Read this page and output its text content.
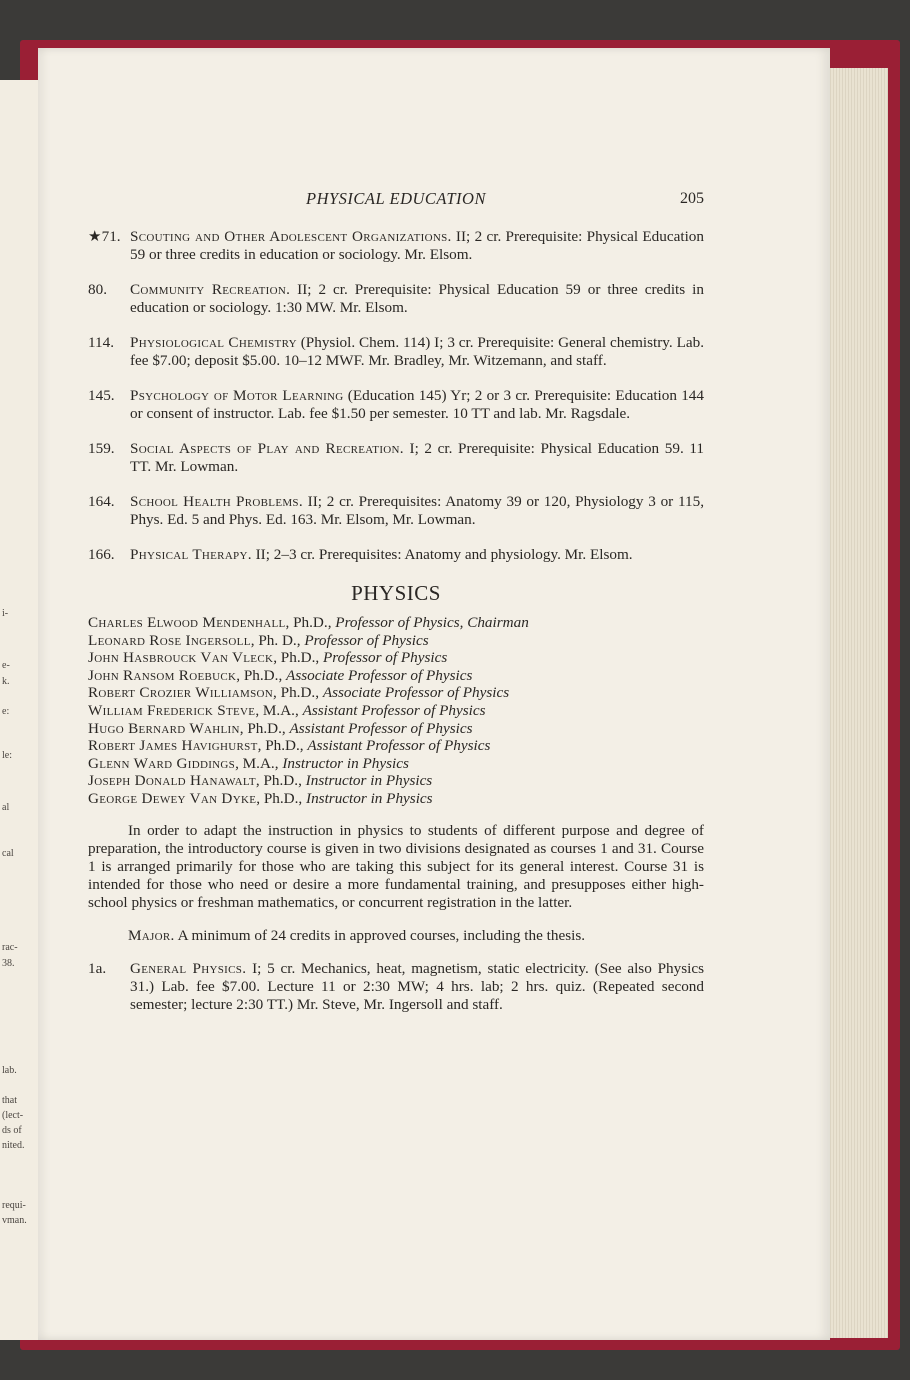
i-
e-
k.
e:
le:
al
cal
rac-
38.
lab.
that
(lect-
ds of
nited.
requi-
vman.
PHYSICAL EDUCATION	205
★71. Scouting and Other Adolescent Organizations. II; 2 cr. Prerequisite: Physical Education 59 or three credits in education or sociology. Mr. Elsom.
80.	Community Recreation. II; 2 cr. Prerequisite: Physical Education 59 or three credits in education or sociology. 1:30 MW. Mr. Elsom.
114.	Physiological Chemistry (Physiol. Chem. 114) I; 3 cr. Prerequisite: General chemistry. Lab. fee $7.00; deposit $5.00. 10–12 MWF. Mr. Bradley, Mr. Witzemann, and staff.
145.	Psychology of Motor Learning (Education 145) Yr; 2 or 3 cr. Prerequisite: Education 144 or consent of instructor. Lab. fee $1.50 per semester. 10 TT and lab. Mr. Ragsdale.
159.	Social Aspects of Play and Recreation. I; 2 cr. Prerequisite: Physical Education 59. 11 TT. Mr. Lowman.
164.	School Health Problems. II; 2 cr. Prerequisites: Anatomy 39 or 120, Physiology 3 or 115, Phys. Ed. 5 and Phys. Ed. 163. Mr. Elsom, Mr. Lowman.
166.	Physical Therapy. II; 2–3 cr. Prerequisites: Anatomy and physiology. Mr. Elsom.
PHYSICS
Charles Elwood Mendenhall, Ph.D., Professor of Physics, Chairman
Leonard Rose Ingersoll, Ph. D., Professor of Physics
John Hasbrouck Van Vleck, Ph.D., Professor of Physics
John Ransom Roebuck, Ph.D., Associate Professor of Physics
Robert Crozier Williamson, Ph.D., Associate Professor of Physics
William Frederick Steve, M.A., Assistant Professor of Physics
Hugo Bernard Wahlin, Ph.D., Assistant Professor of Physics
Robert James Havighurst, Ph.D., Assistant Professor of Physics
Glenn Ward Giddings, M.A., Instructor in Physics
Joseph Donald Hanawalt, Ph.D., Instructor in Physics
George Dewey Van Dyke, Ph.D., Instructor in Physics

In order to adapt the instruction in physics to students of different purpose and degree of preparation, the introductory course is given in two divisions designated as courses 1 and 31. Course 1 is arranged primarily for those who are taking this subject for its general interest. Course 31 is intended for those who need or desire a more fundamental training, and presupposes either high-school physics or freshman mathematics, or concurrent registration in the latter.

Major. A minimum of 24 credits in approved courses, including the thesis.

1a.	General Physics. I; 5 cr. Mechanics, heat, magnetism, static electricity. (See also Physics 31.) Lab. fee $7.00. Lecture 11 or 2:30 MW; 4 hrs. lab; 2 hrs. quiz. (Repeated second semester; lecture 2:30 TT.) Mr. Steve, Mr. Ingersoll and staff.
